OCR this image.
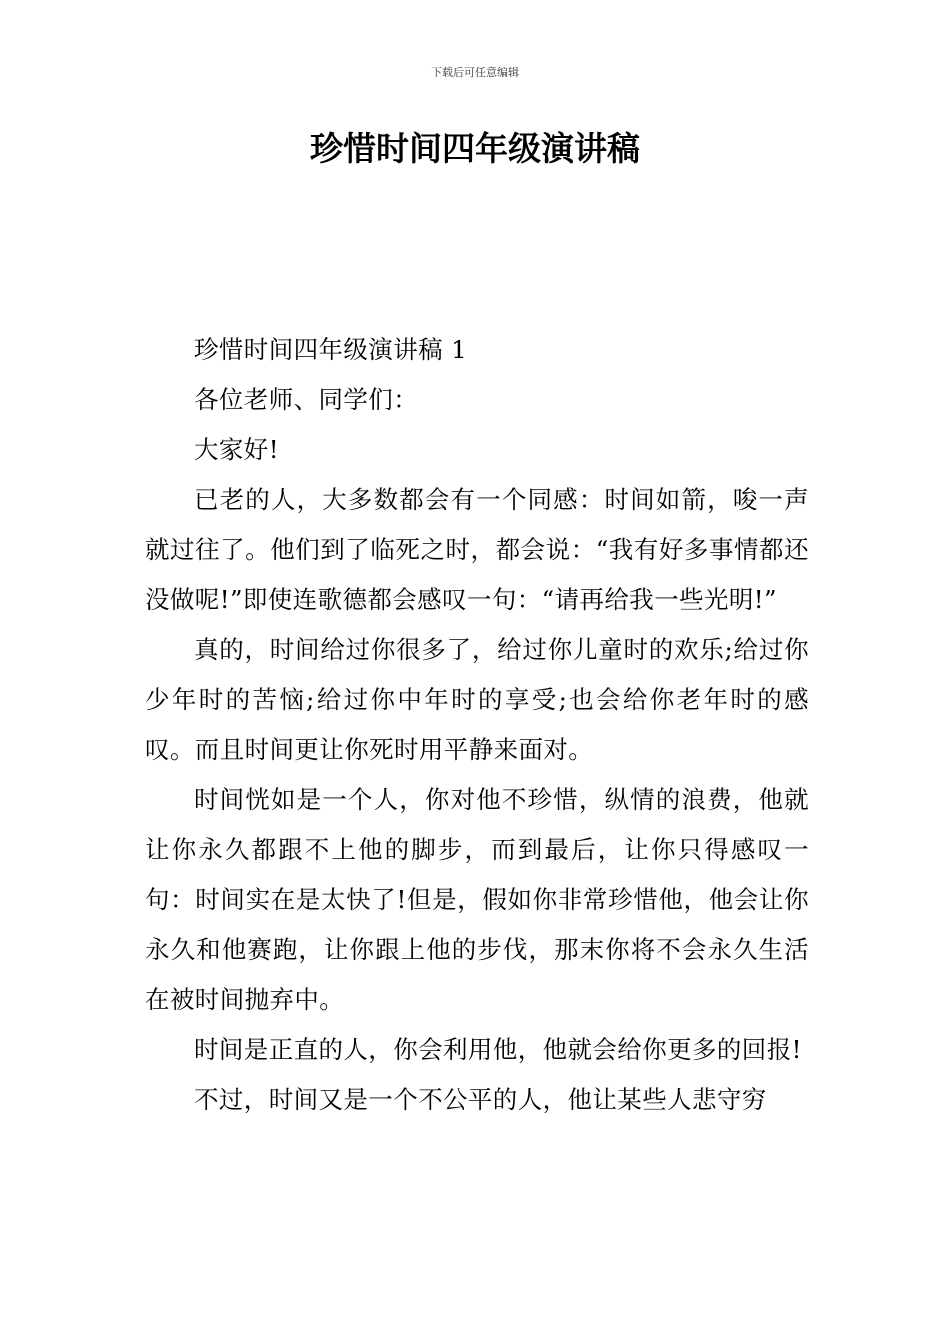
下载后可任意编辑
珍惜时间四年级演讲稿

珍惜时间四年级演讲稿 1

各位老师、同学们：

大家好!

已老的人，大多数都会有一个同感：时间如箭，唆一声就过往了。他们到了临死之时，都会说：“我有好多事情都还没做呢!”即使连歌德都会感叹一句：“请再给我一些光明!”

真的，时间给过你很多了，给过你儿童时的欢乐;给过你少年时的苦恼;给过你中年时的享受;也会给你老年时的感叹。而且时间更让你死时用平静来面对。

时间恍如是一个人，你对他不珍惜，纵情的浪费，他就让你永久都跟不上他的脚步，而到最后，让你只得感叹一句：时间实在是太快了!但是，假如你非常珍惜他，他会让你永久和他赛跑，让你跟上他的步伐，那末你将不会永久生活在被时间抛弃中。

时间是正直的人，你会利用他，他就会给你更多的回报!

不过，时间又是一个不公平的人，他让某些人悲守穷
